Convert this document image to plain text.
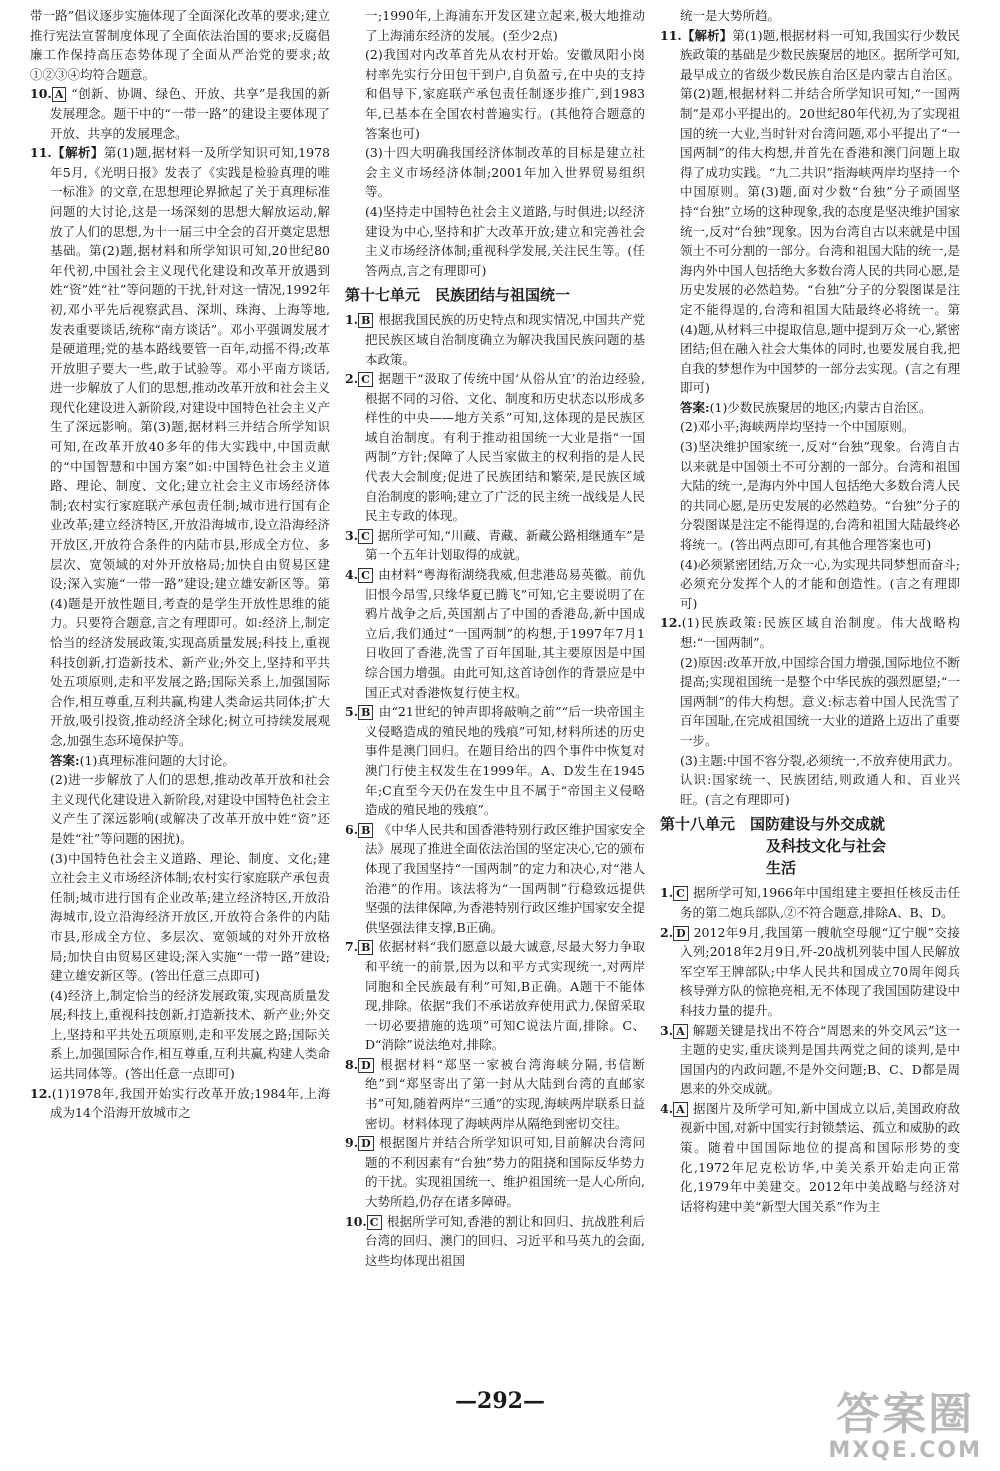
带一路”倡议逐步实施体现了全面深化改革的要求;建立推行宪法宣誓制度体现了全面依法治国的要求;反腐倡廉工作保持高压态势体现了全面从严治党的要求;故①②③④均符合题意。

10. A “创新、协调、绿色、开放、共享”是我国的新发展理念。题干中的“一带一路”的建设主要体现了开放、共享的发展理念。

11.【解析】第(1)题,据材料一及所学知识可知,1978年5月,《光明日报》发表了《实践是检验真理的唯一标准》的文章,在思想理论界掀起了关于真理标准问题的大讨论,这是一场深刻的思想大解放运动,解放了人们的思想,为十一届三中全会的召开奠定思想基础。第(2)题,据材料和所学知识可知,20世纪80年代初,中国社会主义现代化建设和改革开放遇到姓“资”姓“社”等问题的干扰,针对这一情况,1992年初,邓小平先后视察武昌、深圳、珠海、上海等地,发表重要谈话,统称“南方谈话”。邓小平强调发展才是硬道理;党的基本路线要管一百年,动摇不得;改革开放胆子要大一些,敢于试验等。邓小平南方谈话,进一步解放了人们的思想,推动改革开放和社会主义现代化建设进入新阶段,对建设中国特色社会主义产生了深远影响。第(3)题,据材料三并结合所学知识可知,在改革开放40多年的伟大实践中,中国贡献的“中国智慧和中国方案”如:中国特色社会主义道路、理论、制度、文化;建立社会主义市场经济体制;农村实行家庭联产承包责任制;城市进行国有企业改革;建立经济特区,开放沿海城市,设立沿海经济开放区,开放符合条件的内陆市县,形成全方位、多层次、宽领域的对外开放格局;加快自由贸易区建设;深入实施“一带一路”建设;建立雄安新区等。第(4)题是开放性题目,考查的是学生开放性思维的能力。只要符合题意,言之有理即可。如:经济上,制定恰当的经济发展政策,实现高质量发展;科技上,重视科技创新,打造新技术、新产业;外交上,坚持和平共处五项原则,走和平发展之路;国际关系上,加强国际合作,相互尊重,互利共赢,构建人类命运共同体;扩大开放,吸引投资,推动经济全球化;树立可持续发展观念,加强生态环境保护等。

答案:(1)真理标准问题的大讨论。

(2)进一步解放了人们的思想,推动改革开放和社会主义现代化建设进入新阶段,对建设中国特色社会主义产生了深远影响(或解决了改革开放中姓“资”还是姓“社”等问题的困扰)。

(3)中国特色社会主义道路、理论、制度、文化;建立社会主义市场经济体制;农村实行家庭联产承包责任制;城市进行国有企业改革;建立经济特区,开放沿海城市,设立沿海经济开放区,开放符合条件的内陆市县,形成全方位、多层次、宽领域的对外开放格局;加快自由贸易区建设;深入实施“一带一路”建设;建立雄安新区等。(答出任意三点即可)

(4)经济上,制定恰当的经济发展政策,实现高质量发展;科技上,重视科技创新,打造新技术、新产业;外交上,坚持和平共处五项原则,走和平发展之路;国际关系上,加强国际合作,相互尊重,互利共赢,构建人类命运共同体等。(答出任意一点即可)

12.(1)1978年,我国开始实行改革开放;1984年,上海成为14个沿海开放城市之

一;1990年,上海浦东开发区建立起来,极大地推动了上海浦东经济的发展。(至少2点)

(2)我国对内改革首先从农村开始。安徽凤阳小岗村率先实行分田包干到户,自负盈亏,在中央的支持和倡导下,家庭联产承包责任制逐步推广,到1983年,已基本在全国农村普遍实行。(其他符合题意的答案也可)

(3)十四大明确我国经济体制改革的目标是建立社会主义市场经济体制;2001年加入世界贸易组织等。

(4)坚持走中国特色社会主义道路,与时俱进;以经济建设为中心,坚持和扩大改革开放;建立和完善社会主义市场经济体制;重视科学发展,关注民生等。(任答两点,言之有理即可)

第十七单元　民族团结与祖国统一

1. B 根据我国民族的历史特点和现实情况,中国共产党把民族区域自治制度确立为解决我国民族问题的基本政策。

2. C 据题干“汲取了传统中国‘从俗从宜’的治边经验,根据不同的习俗、文化、制度和历史状态以形成多样性的中央——地方关系”可知,这体现的是民族区域自治制度。有利于推动祖国统一大业是指“一国两制”方针;保障了人民当家做主的权利指的是人民代表大会制度;促进了民族团结和繁荣,是民族区域自治制度的影响;建立了广泛的民主统一战线是人民民主专政的体现。

3. C 据所学可知,“川藏、青藏、新藏公路相继通车”是第一个五年计划取得的成就。

4. C 由材料“粤海衔湖绕我威,但悲港岛易英徽。前仇旧恨今昂雪,只缘华夏已腾飞”可知,它主要说明了在鸦片战争之后,英国割占了中国的香港岛,新中国成立后,我们通过“一国两制”的构想,于1997年7月1日收回了香港,洗雪了百年国耻,其主要原因是中国综合国力增强。由此可知,这首诗创作的背景应是中国正式对香港恢复行使主权。

5. B 由“21世纪的钟声即将敲响之前”“后一块帝国主义侵略造成的殖民地的残痕”可知,材料所述的历史事件是澳门回归。在题目给出的四个事件中恢复对澳门行使主权发生在1999年。A、D发生在1945年;C直至今天仍在发生中且不属于“帝国主义侵略造成的殖民地的残痕”。

6. B 《中华人民共和国香港特别行政区维护国家安全法》展现了推进全面依法治国的坚定决心,它的颁布体现了我国坚持“一国两制”的定力和决心,对“港人治港”的作用。该法将为“一国两制”行稳致远提供坚强的法律保障,为香港特别行政区维护国家安全提供坚强法律支撑,B正确。

7. B 依据材料“我们愿意以最大诚意,尽最大努力争取和平统一的前景,因为以和平方式实现统一,对两岸同胞和全民族最有利”可知,B正确。A题干不能体现,排除。依据“我们不承诺放弃使用武力,保留采取一切必要措施的选项”可知C说法片面,排除。C、D“消除”说法绝对,排除。

8. D 根据材料“郑坚一家被台湾海峡分隔,书信断绝”到“郑坚寄出了第一封从大陆到台湾的直邮家书”可知,随着两岸“三通”的实现,海峡两岸联系日益密切。材料体现了海峡两岸从隔绝到密切交往。

9. D 根据图片并结合所学知识可知,目前解决台湾问题的不利因素有“台独”势力的阻挠和国际反华势力的干扰。实现祖国统一、维护祖国统一是人心所向,大势所趋,仍存在诸多障碍。

10. C 根据所学可知,香港的割让和回归、抗战胜利后台湾的回归、澳门的回归、习近平和马英九的会面,这些均体现出祖国

统一是大势所趋。

11.【解析】第(1)题,根据材料一可知,我国实行少数民族政策的基础是少数民族聚居的地区。据所学可知,最早成立的省级少数民族自治区是内蒙古自治区。第(2)题,根据材料二并结合所学知识可知,“一国两制”是邓小平提出的。20世纪80年代初,为了实现祖国的统一大业,当时针对台湾问题,邓小平提出了“一国两制”的伟大构想,并首先在香港和澳门问题上取得了成功实践。“九二共识”指海峡两岸均坚持一个中国原则。第(3)题,面对少数“台独”分子顽固坚持“台独”立场的这种现象,我的态度是坚决维护国家统一,反对“台独”现象。因为台湾自古以来就是中国领土不可分割的一部分。台湾和祖国大陆的统一,是海内外中国人包括绝大多数台湾人民的共同心愿,是历史发展的必然趋势。“台独”分子的分裂图谋是注定不能得逞的,台湾和祖国大陆最终必将统一。第(4)题,从材料三中提取信息,题中提到万众一心,紧密团结;但在融入社会大集体的同时,也要发展自我,把自我的梦想作为中国梦的一部分去实现。(言之有理即可)

答案:(1)少数民族聚居的地区;内蒙古自治区。

(2)邓小平;海峡两岸均坚持一个中国原则。

(3)坚决维护国家统一,反对“台独”现象。台湾自古以来就是中国领土不可分割的一部分。台湾和祖国大陆的统一,是海内外中国人包括绝大多数台湾人民的共同心愿,是历史发展的必然趋势。“台独”分子的分裂图谋是注定不能得逞的,台湾和祖国大陆最终必将统一。(答出两点即可,有其他合理答案也可)

(4)必须紧密团结,万众一心,为实现共同梦想而奋斗;必须充分发挥个人的才能和创造性。(言之有理即可)

12.(1)民族政策:民族区域自治制度。伟大战略构想:“一国两制”。

(2)原因:改革开放,中国综合国力增强,国际地位不断提高;实现祖国统一是整个中华民族的强烈愿望;“一国两制”的伟大构想。意义:标志着中国人民洗雪了百年国耻,在完成祖国统一大业的道路上迈出了重要一步。

(3)主题:中国不容分裂,必须统一,不放弃使用武力。认识:国家统一、民族团结,则政通人和、百业兴旺。(言之有理即可)

第十八单元　国防建设与外交成就
及科技文化与社会
生活

1. C 据所学可知,1966年中国组建主要担任核反击任务的第二炮兵部队,②不符合题意,排除A、B、D。

2. D 2012年9月,我国第一艘航空母舰“辽宁舰”交接入列;2018年2月9日,歼-20战机列装中国人民解放军空军王牌部队;中华人民共和国成立70周年阅兵核导弹方队的惊艳亮相,无不体现了我国国防建设中科技力量的提升。

3. A 解题关键是找出不符合“周恩来的外交风云”这一主题的史实,重庆谈判是国共两党之间的谈判,是中国国内的内政问题,不是外交问题;B、C、D都是周恩来的外交成就。

4. A 据图片及所学可知,新中国成立以后,美国政府敌视新中国,对新中国实行封锁禁运、孤立和威胁的政策。随着中国国际地位的提高和国际形势的变化,1972年尼克松访华,中美关系开始走向正常化,1979年中美建交。2012年中美战略与经济对话将构建中美“新型大国关系”作为主

—292—	答案圈
MXQE.COM
